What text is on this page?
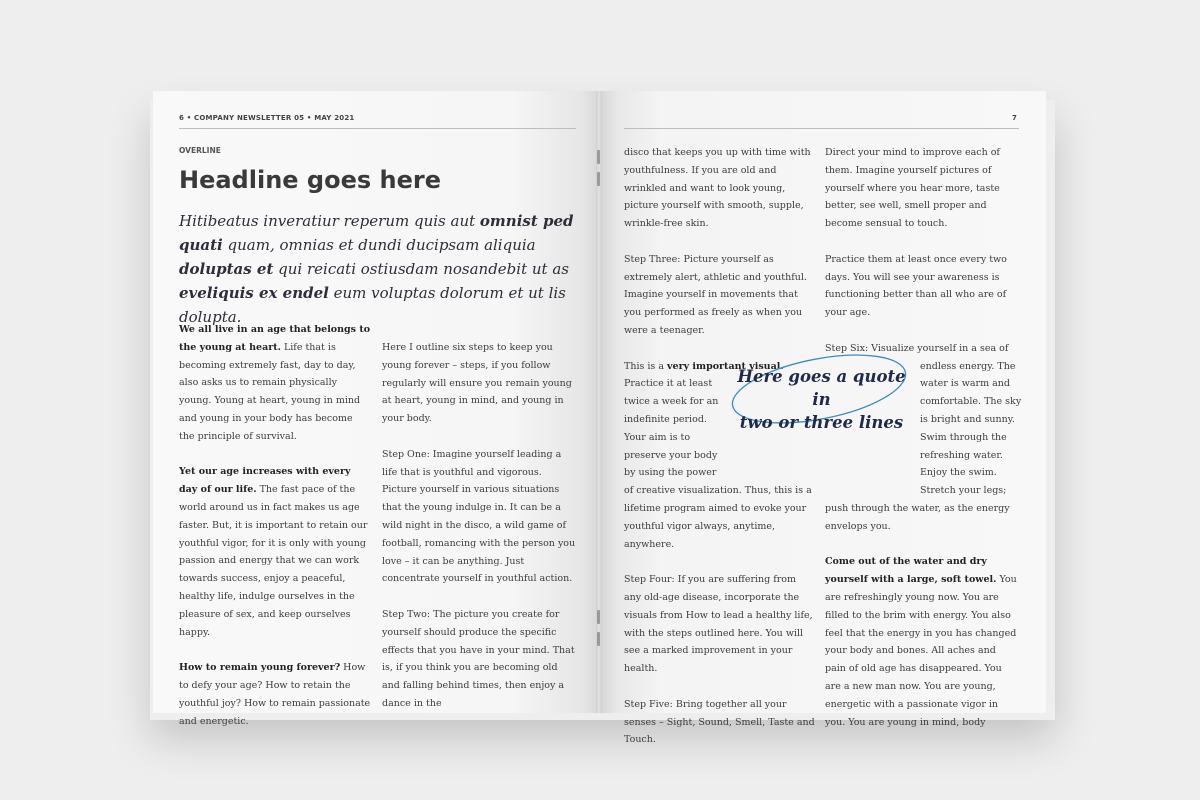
6 • COMPANY NEWSLETTER 05 • MAY 2021	7
OVERLINE
Headline goes here

Hitibeatus inveratiur reperum quis aut omnist ped quati quam, omnias et dundi ducipsam aliquia doluptas et qui reicati ostiusdam nosandebit ut as eveliquis ex endel eum voluptas dolorum et ut lis dolupta.

We all live in an age that belongs to the young at heart. Life that is becoming extremely fast, day to day, also asks us to remain physically young. Young at heart, young in mind and young in your body has become the principle of survival.

Yet our age increases with every day of our life. The fast pace of the world around us in fact makes us age faster. But, it is important to retain our youthful vigor, for it is only with young passion and energy that we can work towards success, enjoy a peaceful, healthy life, indulge ourselves in the pleasure of sex, and keep ourselves happy.

How to remain young forever? How to defy your age? How to retain the youthful joy? How to remain passionate and energetic.

Here I outline six steps to keep you young forever – steps, if you follow regularly will ensure you remain young at heart, young in mind, and young in your body.

Step One: Imagine yourself leading a life that is youthful and vigorous. Picture yourself in various situations that the young indulge in. It can be a wild night in the disco, a wild game of football, romancing with the person you love – it can be anything. Just concentrate yourself in youthful action.

Step Two: The picture you create for yourself should produce the specific effects that you have in your mind. That is, if you think you are becoming old and falling behind times, then enjoy a dance in the

disco that keeps you up with time with youthfulness. If you are old and wrinkled and want to look young, picture yourself with smooth, supple, wrinkle-free skin.

Step Three: Picture yourself as extremely alert, athletic and youthful. Imagine yourself in movements that you performed as freely as when you were a teenager.

This is a very important visual.
Practice it at least
twice a week for an
indefinite period.
Your aim is to
preserve your body
by using the power

of creative visualization. Thus, this is a lifetime program aimed to evoke your youthful vigor always, anytime, anywhere.

Step Four: If you are suffering from any old-age disease, incorporate the visuals from How to lead a healthy life, with the steps outlined here. You will see a marked improvement in your health.

Step Five: Bring together all your senses – Sight, Sound, Smell, Taste and Touch.

Direct your mind to improve each of them. Imagine yourself pictures of yourself where you hear more, taste better, see well, smell proper and become sensual to touch.

Practice them at least once every two days. You will see your awareness is functioning better than all who are of your age.

Step Six: Visualize yourself in a sea of
endless energy. The
water is warm and
comfortable. The sky
is bright and sunny.
Swim through the
refreshing water.
Enjoy the swim.
Stretch your legs;

push through the water, as the energy envelops you.

Come out of the water and dry yourself with a large, soft towel. You are refreshingly young now. You are filled to the brim with energy. You also feel that the energy in you has changed your body and bones. All aches and pain of old age has disappeared. You are a new man now. You are young, energetic with a passionate vigor in you. You are young in mind, body

Here goes a quote in
two or three lines
